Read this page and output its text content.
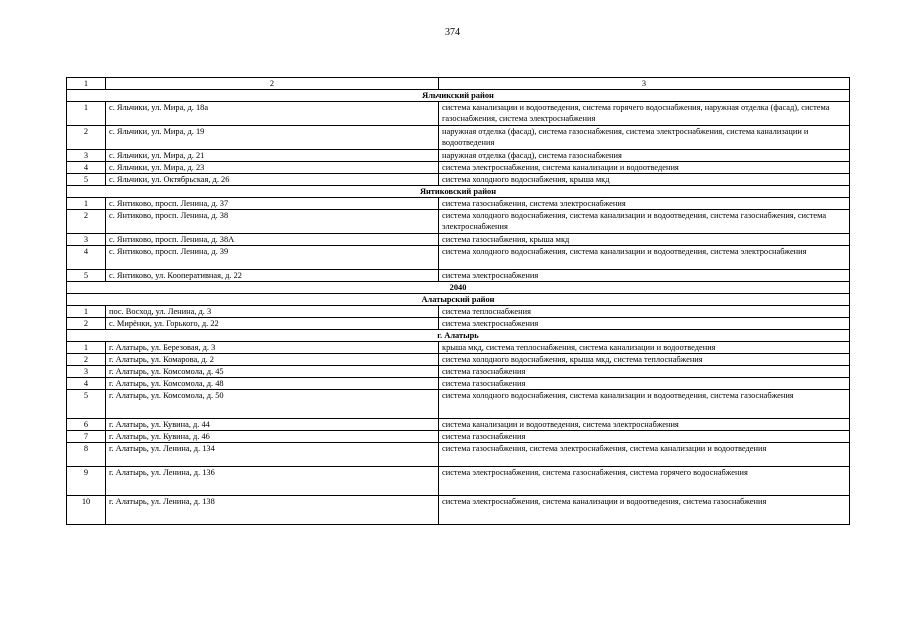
374
1	2	3
Яльчикский район		
1	с. Яльчики, ул. Мира, д. 18а	система канализации и водоотведения, система горячего водоснабжения, наружная отделка (фасад), система газоснабжения, система электроснабжения
2	с. Яльчики, ул. Мира, д. 19	наружная отделка (фасад), система газоснабжения, система электроснабжения, система канализации и водоотведения
3	с. Яльчики, ул. Мира, д. 21	наружная отделка (фасад), система газоснабжения
4	с. Яльчики, ул. Мира, д. 23	система электроснабжения, система канализации и водоотведения
5	с. Яльчики, ул. Октябрьская, д. 26	система холодного водоснабжения, крыша мкд
Янтиковский район		
1	с. Янтиково, просп. Ленина, д. 37	система газоснабжения, система электроснабжения
2	с. Янтиково, просп. Ленина, д. 38	система холодного водоснабжения, система канализации и водоотведения, система газоснабжения, система электроснабжения
3	с. Янтиково, просп. Ленина, д. 38А	система газоснабжения, крыша мкд
4	с. Янтиково, просп. Ленина, д. 39	система холодного водоснабжения, система канализации и водоотведения, система электроснабжения
5	с. Янтиково, ул. Кооперативная, д. 22	система электроснабжения
2040		
Алатырский район		
1	пос. Восход, ул. Ленина, д. 3	система теплоснабжения
2	с. Мирёнки, ул. Горького, д. 22	система электроснабжения
г. Алатырь		
1	г. Алатырь, ул. Березовая, д. 3	крыша мкд, система теплоснабжения, система канализации и водоотведения
2	г. Алатырь, ул. Комарова, д. 2	система холодного водоснабжения, крыша мкд, система теплоснабжения
3	г. Алатырь, ул. Комсомола, д. 45	система газоснабжения
4	г. Алатырь, ул. Комсомола, д. 48	система газоснабжения
5	г. Алатырь, ул. Комсомола, д. 50	система холодного водоснабжения, система канализации и водоотведения, система газоснабжения
6	г. Алатырь, ул. Кувина, д. 44	система канализации и водоотведения, система электроснабжения
7	г. Алатырь, ул. Кувина, д. 46	система газоснабжения
8	г. Алатырь, ул. Ленина, д. 134	система газоснабжения, система электроснабжения, система канализации и водоотведения
9	г. Алатырь, ул. Ленина, д. 136	система электроснабжения, система газоснабжения, система горячего водоснабжения
10	г. Алатырь, ул. Ленина, д. 138	система электроснабжения, система канализации и водоотведения, система газоснабжения
